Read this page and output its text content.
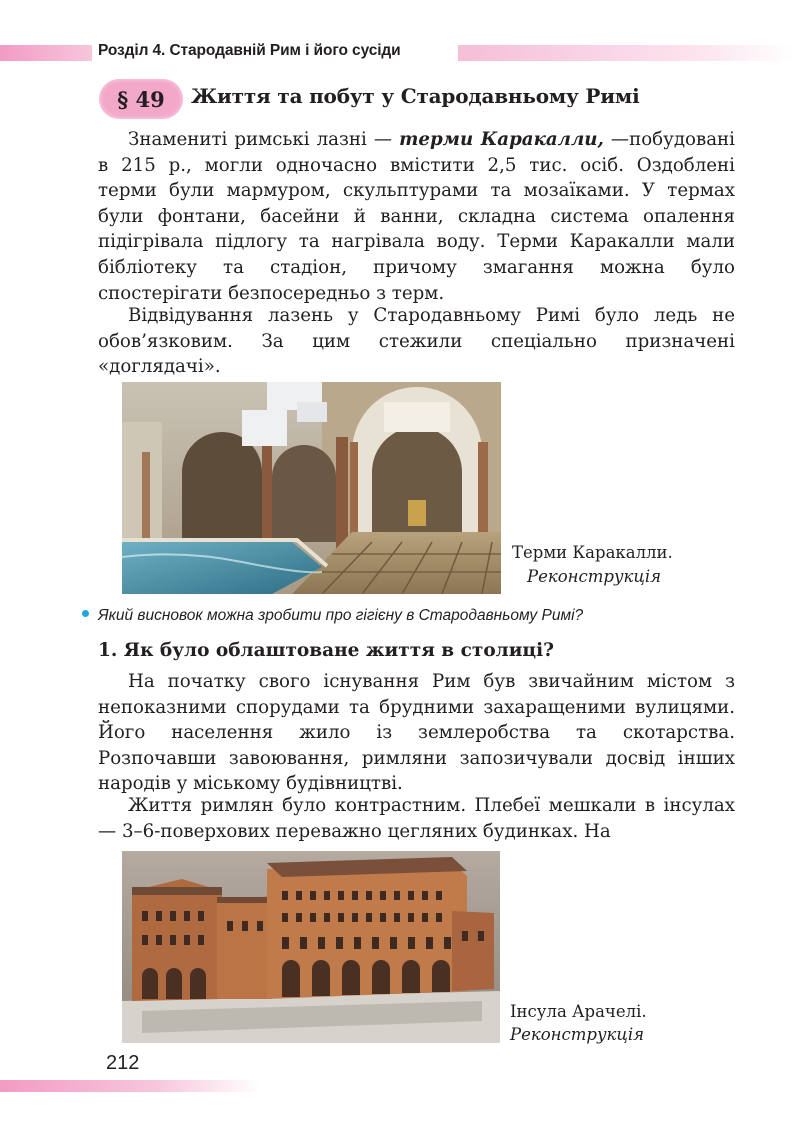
Розділ 4. Стародавній Рим і його сусіди
§ 49	Життя та побут у Стародавньому Римі

Знамениті римські лазні — терми Каракалли, —побудовані в 215 р., могли одночасно вмістити 2,5 тис. осіб. Оздоблені терми були мармуром, скульптурами та мозаїками. У термах були фонтани, басейни й ванни, складна система опалення підігрівала підлогу та нагрівала воду. Терми Каракалли мали бібліотеку та стадіон, причому змагання можна було спостерігати безпосередньо з терм.

Відвідування лазень у Стародавньому Римі було ледь не обов’язковим. За цим стежили спеціально призначені «доглядачі».

Терми Каракалли.
Реконструкція
Який висновок можна зробити про гігієну в Стародавньому Римі?
1. Як було облаштоване життя в столиці?

На початку свого існування Рим був звичайним містом з непоказними спорудами та брудними захаращеними вулицями. Його населення жило із землеробства та скотарства. Розпочавши завоювання, римляни запозичували досвід інших народів у міському будівництві.

Життя римлян було контрастним. Плебеї мешкали в інсулах — 3–6-поверхових переважно цегляних будинках. На

Інсула Арачелі.
Реконструкція
212
